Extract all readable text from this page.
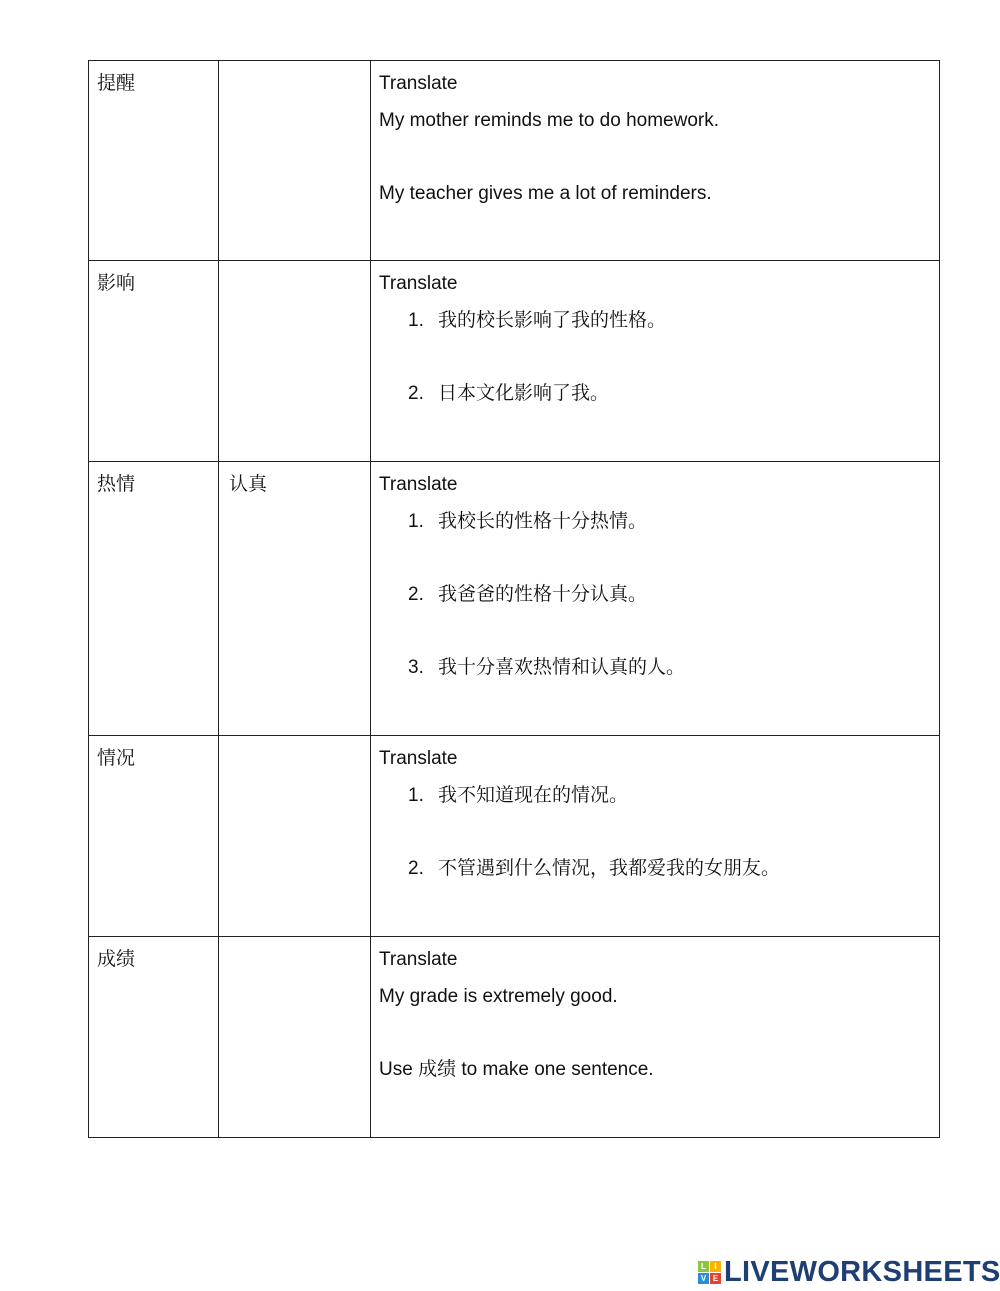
提醒		Translate
My mother reminds me to do homework.
My teacher gives me a lot of reminders.

影响		Translate
1. 我的校长影响了我的性格。
2. 日本文化影响了我。

热情	认真	Translate
1. 我校长的性格十分热情。
2. 我爸爸的性格十分认真。
3. 我十分喜欢热情和认真的人。

情况		Translate
1. 我不知道现在的情况。
2. 不管遇到什么情况，我都爱我的女朋友。

成绩		Translate
My grade is extremely good.
Use 成绩 to make one sentence.
L	I
V E LIVEWORKSHEETS
